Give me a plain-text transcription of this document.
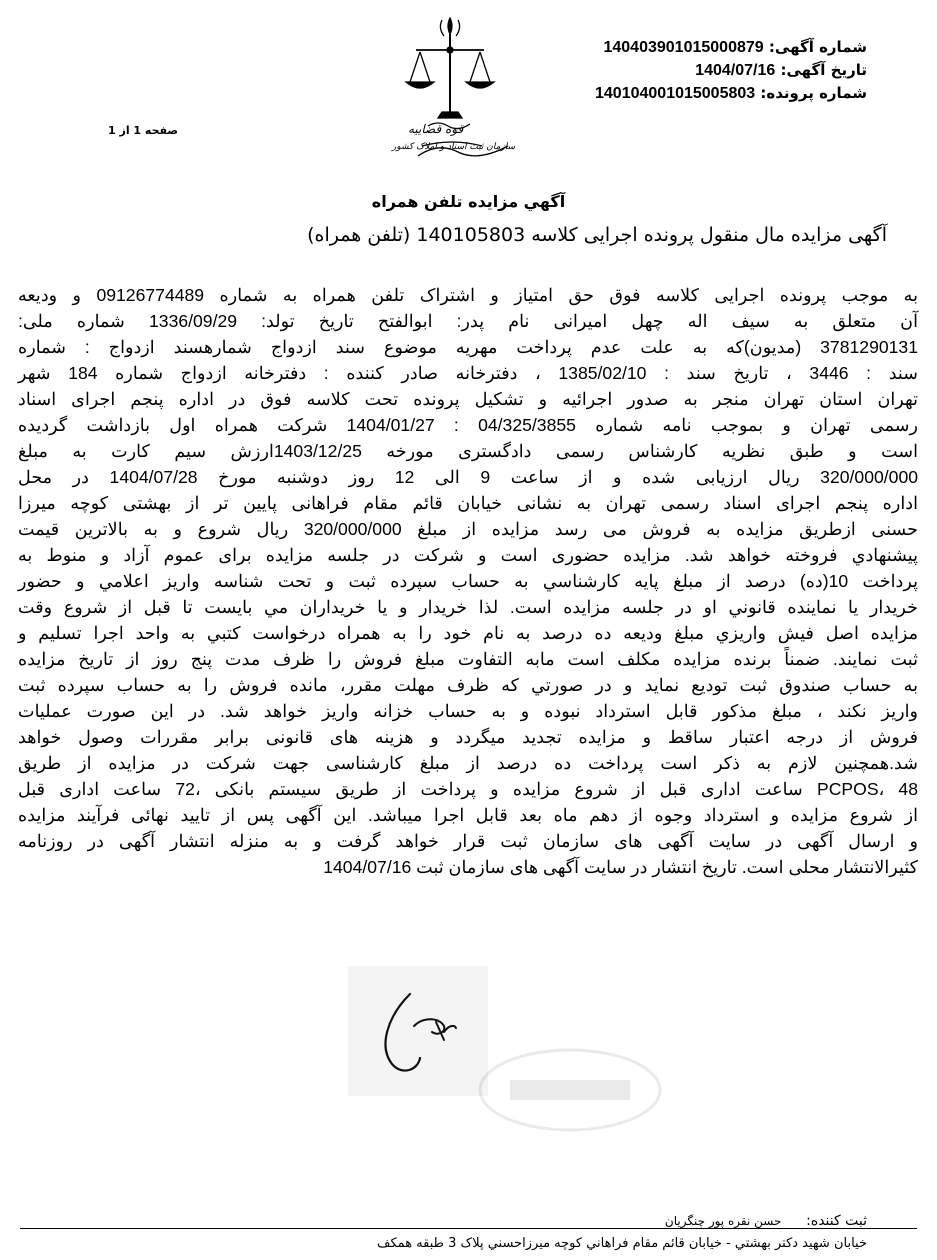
قوه قضاییه
سازمان ثبت اسناد و املاک کشور
شماره آگهی: 140403901015000879
تاریخ آگهی: 1404/07/16
شماره پرونده: 140104001015005803
صفحه 1 از 1
آگهي مزايده تلفن همراه
آگهی مزایده مال منقول پرونده اجرایی کلاسه 140105803 (تلفن همراه)
به موجب پرونده اجرایی کلاسه فوق حق امتیاز و اشتراک تلفن همراه به شماره 09126774489 و ودیعه
آن متعلق به سیف اله چهل امیرانی نام پدر: ابوالفتح تاریخ تولد: 1336/09/29 شماره ملی:
3781290131 (مدیون)که به علت عدم پرداخت مهریه موضوع سند ازدواج شمارهسند ازدواج : شماره
سند : 3446 ، تاریخ سند : 1385/02/10 ، دفترخانه صادر کننده : دفترخانه ازدواج شماره 184 شهر
تهران استان تهران منجر به صدور اجرائیه و تشکیل پرونده تحت کلاسه فوق در اداره پنجم اجرای اسناد
رسمی تهران و بموجب نامه شماره 04/325/3855 : 1404/01/27 شرکت همراه اول بازداشت گردیده
است و طبق نظریه کارشناس رسمی دادگستری مورخه 1403/12/25ارزش سیم کارت به مبلغ
320/000/000 ریال ارزیابی شده و از ساعت 9 الی 12 روز دوشنبه مورخ 1404/07/28 در محل
اداره پنجم اجرای اسناد رسمی تهران به نشانی خیابان قائم مقام فراهانی پایین تر از بهشتی کوچه میرزا
حسنی ازطریق مزایده به فروش می رسد مزایده از مبلغ 320/000/000 ریال شروع و به بالاترین قیمت
پیشنهادي فروخته خواهد شد. مزايده حضوری است و شرکت در جلسه مزايده برای عموم آزاد و منوط به
پرداخت 10(ده) درصد از مبلغ پايه کارشناسي به حساب سپرده ثبت و تحت شناسه واريز اعلامي و حضور
خريدار يا نماينده قانوني او در جلسه مزايده است. لذا خريدار و يا خريداران مي بايست تا قبل از شروع وقت
مزايده اصل فيش واريزي مبلغ وديعه ده درصد به نام خود را به همراه درخواست کتبي به واحد اجرا تسليم و
ثبت نمايند. ضمناً برنده مزايده مکلف است مابه التفاوت مبلغ فروش را ظرف مدت پنج روز از تاريخ مزايده
به حساب صندوق ثبت توديع نمايد و در صورتي که ظرف مهلت مقرر، مانده فروش را به حساب سپرده ثبت
واريز نکند ، مبلغ مذکور قابل استرداد نبوده و به حساب خزانه واريز خواهد شد. در این صورت عملیات
فروش از درجه اعتبار ساقط و مزایده تجدید میگردد و هزینه های قانونی برابر مقررات وصول خواهد
شد.همچنین لازم به ذکر است پرداخت ده درصد از مبلغ کارشناسی جهت شرکت در مزایده از طریق
PCPOS، 48 ساعت اداری قبل از شروع مزایده و پرداخت از طریق سیستم بانکی ،72 ساعت اداری قبل
از شروع مزایده و استرداد وجوه از دهم ماه بعد قابل اجرا میباشد. این آگهی پس از تایید نهائی فرآیند مزایده
و ارسال آگهی در سایت آگهی های سازمان ثبت قرار خواهد گرفت و به منزله انتشار آگهی در روزنامه
کثیرالانتشار محلی است. تاریخ انتشار در سایت آگهی های سازمان ثبت 1404/07/16
ثبت کننده:      حسن نقره پور چنگریان
خیابان شهید دکتر بهشتي - خیابان قائم مقام فراهاني کوچه ميرزاحسني پلاک 3 طبقه همکف
